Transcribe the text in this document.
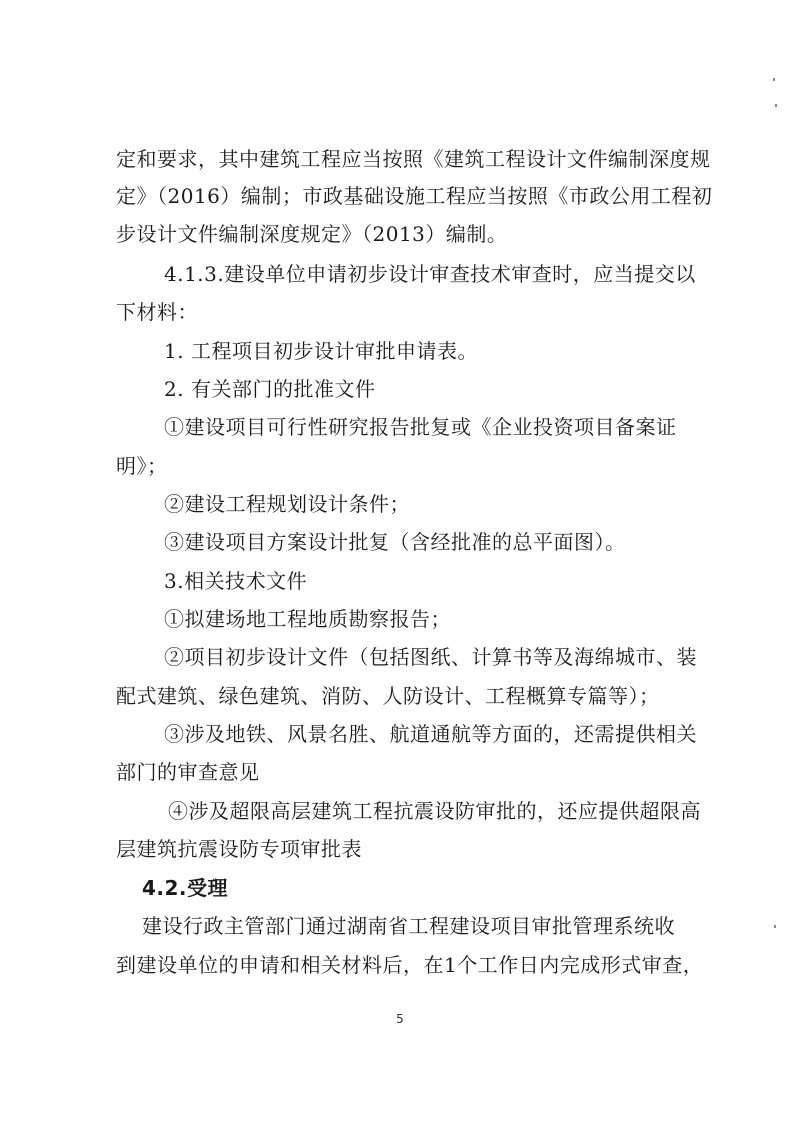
定和要求，其中建筑工程应当按照《建筑工程设计文件编制深度规
定》（2016）编制；市政基础设施工程应当按照《市政公用工程初
步设计文件编制深度规定》（2013）编制。
4.1.3.建设单位申请初步设计审查技术审查时，应当提交以
下材料：
1. 工程项目初步设计审批申请表。
2. 有关部门的批准文件
①建设项目可行性研究报告批复或《企业投资项目备案证
明》；
②建设工程规划设计条件；
③建设项目方案设计批复（含经批准的总平面图）。
3.相关技术文件
①拟建场地工程地质勘察报告；
②项目初步设计文件（包括图纸、计算书等及海绵城市、装
配式建筑、绿色建筑、消防、人防设计、工程概算专篇等）；
③涉及地铁、风景名胜、航道通航等方面的，还需提供相关
部门的审查意见
④涉及超限高层建筑工程抗震设防审批的，还应提供超限高
层建筑抗震设防专项审批表
4.2.受理
建设行政主管部门通过湖南省工程建设项目审批管理系统收
到建设单位的申请和相关材料后，在1个工作日内完成形式审查，
5
